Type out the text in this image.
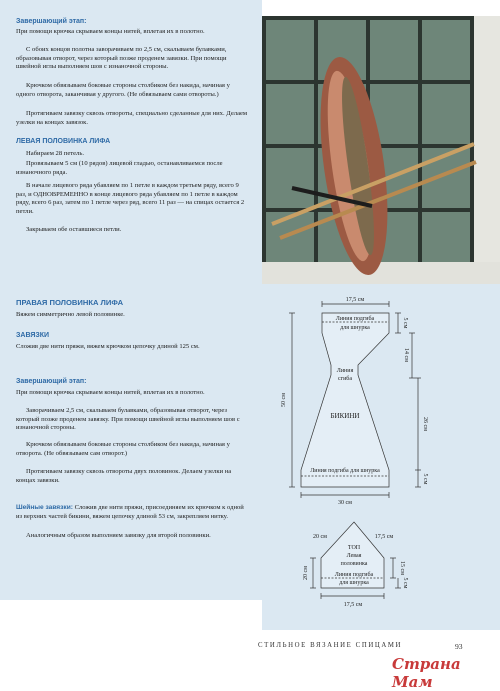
Завершающий этап:
При помощи крючка скрываем концы нитей, вплетая их в полотно.
С обоих концов полотна заворачиваем по 2,5 см, скалываем булавками, образовывая отворот, через который позже проденем завязки. При помощи швейной иглы выполняем шов с изнаночной стороны.
Крючком обвязываем боковые стороны столбиком без накида, начиная у одного отворота, заканчивая у другого. (Не обвязываем сами отвороты.)
Протягиваем завязку сквозь отвороты, специально сделанные для них. Делаем узелки на концах завязок.
ЛЕВАЯ ПОЛОВИНКА ЛИФА
Набираем 28 петель.
Провязываем 5 см (10 рядов) лицевой гладью, останавливаемся после изнаночного ряда.
В начале лицевого ряда убавляем по 1 петле в каждом третьем ряду, всего 9 раз, и ОДНОВРЕМЕННО в конце лицевого ряда убавляем по 1 петле в каждом ряду, всего 6 раз, затем по 1 петле через ряд, всего 11 раз — на спицах остается 2 петли.
Закрываем обе оставшиеся петли.
ПРАВАЯ ПОЛОВИНКА ЛИФА
Вяжем симметрично левой половинке.
ЗАВЯЗКИ
Сложив две нити пряжи, вяжем крючком цепочку длиной 125 см.
Завершающий этап:
При помощи крючка скрываем концы нитей, вплетая их в полотно.
Заворачиваем 2,5 см, скалываем булавками, образовывая отворот, через который позже проденем завязку. При помощи швейной иглы выполняем шов с изнаночной стороны.
Крючком обвязываем боковые стороны столбиком без накида, начиная у отворота. (Не обвязываем сам отворот.)
Протягиваем завязку сквозь отвороты двух половинок. Делаем узелки на концах завязки.
Шейные завязки: Сложив две нити пряжи, присоединяем их крючком к одной из верхних частей бикини, вяжем цепочку длиной 53 см, закрепляем нитку.
Аналогичным образом выполняем завязку для второй половинки.
17,5 см
Линия подгиба
для шнурка	5 см
14 см
Линия
сгиба
50 см
БИКИНИ
26 см
Линия подгиба для шнурка
5 см
30 см
ТОП
Левая
половинка
Линия подгиба
для шнурка
20 см	17,5 см
20 см	15 см
5 см
17,5 см
СТИЛЬНОЕ ВЯЗАНИЕ СПИЦАМИ	93
Страна Мам
